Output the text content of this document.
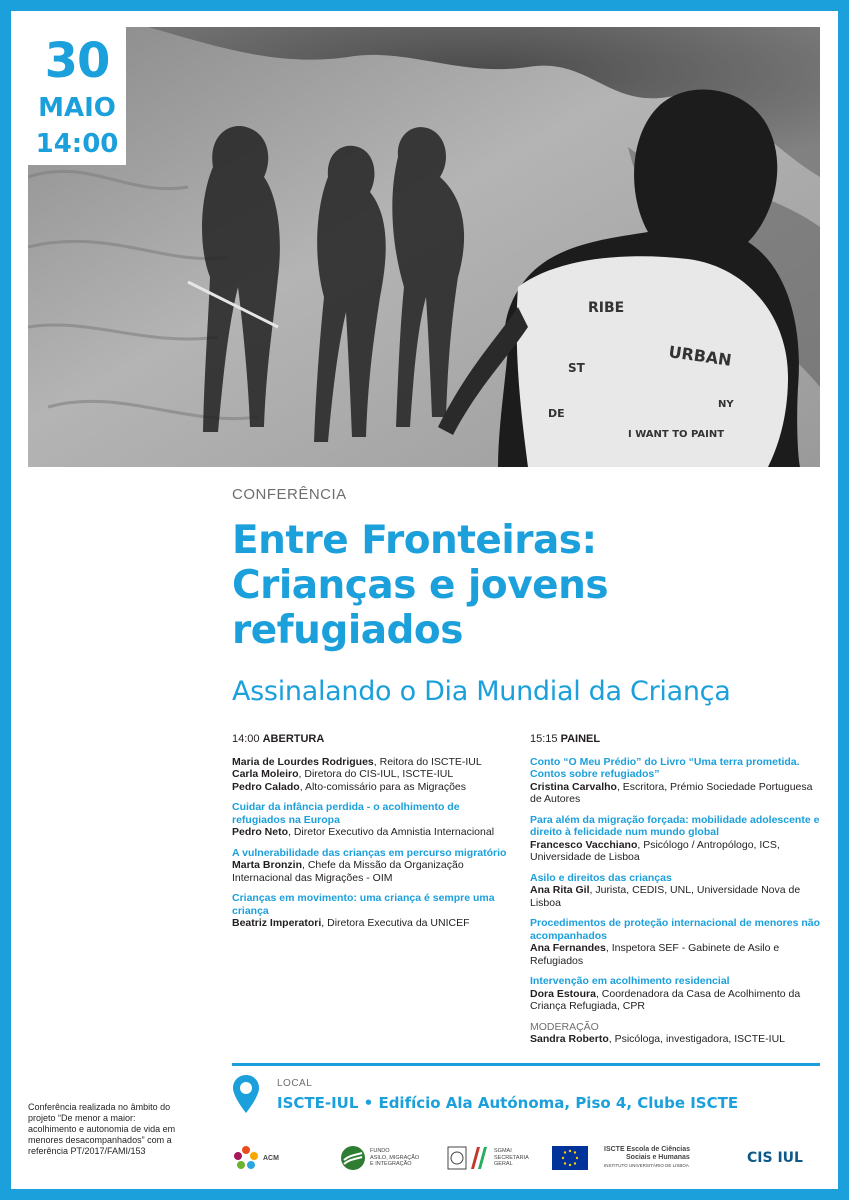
RIBE
URBAN
ST
DE
I WANT TO PAINT
NY
30
MAIO
14:00
CONFERÊNCIA
Entre Fronteiras:
Crianças e jovens
refugiados
Assinalando o Dia Mundial da Criança
14:00 ABERTURA
Maria de Lourdes Rodrigues, Reitora do ISCTE-IUL
Carla Moleiro, Diretora do CIS-IUL, ISCTE-IUL
Pedro Calado, Alto-comissário para as Migrações
Cuidar da infância perdida - o acolhimento de refugiados na Europa
Pedro Neto, Diretor Executivo da Amnistia Internacional
A vulnerabilidade das crianças em percurso migratório
Marta Bronzin, Chefe da Missão da Organização Internacional das Migrações - OIM
Crianças em movimento: uma criança é sempre uma criança
Beatriz Imperatori, Diretora Executiva da UNICEF
15:15 PAINEL
Conto “O Meu Prédio” do Livro “Uma terra prometida. Contos sobre refugiados”
Cristina Carvalho, Escritora, Prémio Sociedade Portuguesa de Autores
Para além da migração forçada: mobilidade adolescente e direito à felicidade num mundo global
Francesco Vacchiano, Psicólogo / Antropólogo, ICS, Universidade de Lisboa
Asilo e direitos das crianças
Ana Rita Gil, Jurista, CEDIS, UNL, Universidade Nova de Lisboa
Procedimentos de proteção internacional de menores não acompanhados
Ana Fernandes, Inspetora SEF - Gabinete de Asilo e Refugiados
Intervenção em acolhimento residencial
Dora Estoura, Coordenadora da Casa de Acolhimento da Criança Refugiada, CPR
MODERAÇÃO
Sandra Roberto, Psicóloga, investigadora, ISCTE-IUL
LOCAL
ISCTE-IUL • Edifício Ala Autónoma, Piso 4, Clube ISCTE
Conferência realizada no âmbito do projeto “De menor a maior: acolhimento e autonomia de vida em menores desacompanhados” com a referência PT/2017/FAMI/153
ACM
FUNDO
ASILO, MIGRAÇÃO
E INTEGRAÇÃO
SGMAI
SECRETARIA
GERAL
ISCTE Escola de Ciências
Sociais e Humanas
INSTITUTO UNIVERSITÁRIO DE LISBOA	CIS IUL
